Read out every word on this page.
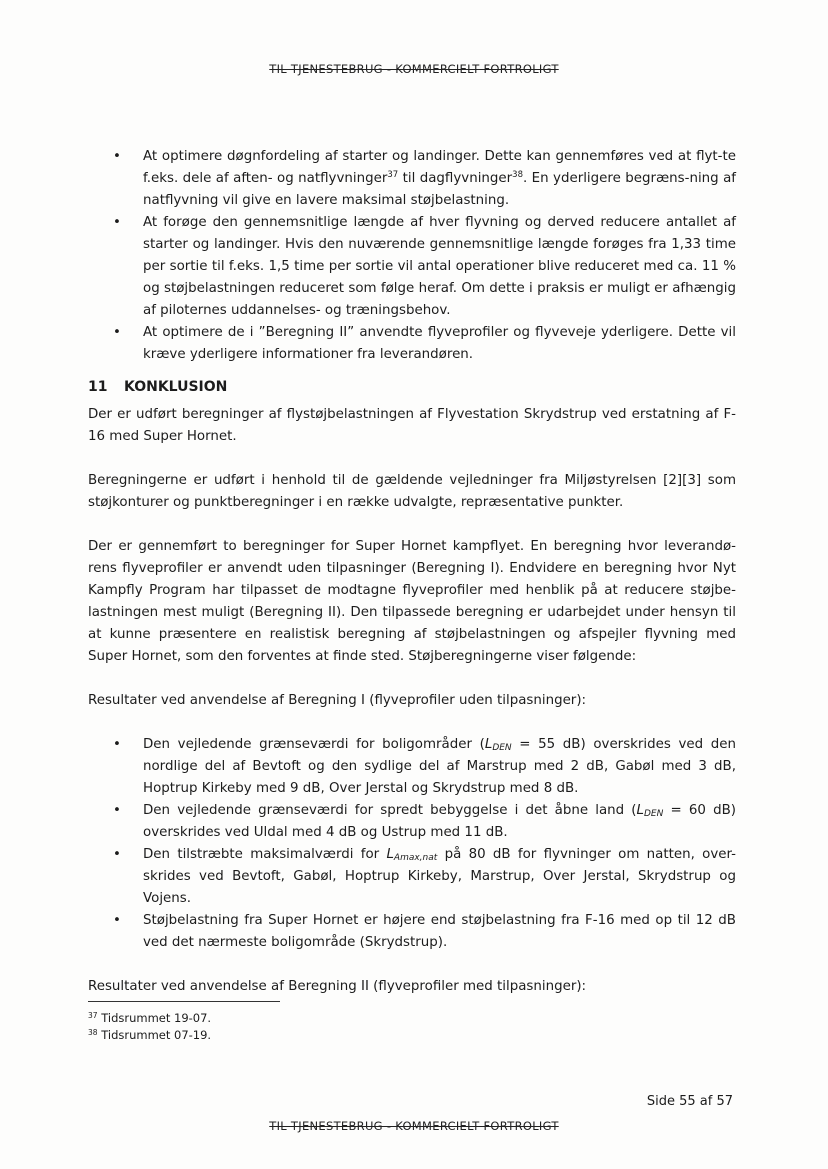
TIL TJENESTEBRUG - KOMMERCIELT FORTROLIGT
• At optimere døgnfordeling af starter og landinger. Dette kan gennemføres ved at flyt-te f.eks. dele af aften- og natflyvninger$^{37}$ til dagflyvninger$^{38}$. En yderligere begræns-ning af natflyvning vil give en lavere maksimal støjbelastning.
• At forøge den gennemsnitlige længde af hver flyvning og derved reducere antallet af starter og landinger. Hvis den nuværende gennemsnitlige længde forøges fra 1,33 time per sortie til f.eks. 1,5 time per sortie vil antal operationer blive reduceret med ca. 11 % og støjbelastningen reduceret som følge heraf. Om dette i praksis er muligt er afhængig af piloternes uddannelses- og træningsbehov.
• At optimere de i ”Beregning II” anvendte flyveprofiler og flyveveje yderligere. Dette vil kræve yderligere informationer fra leverandøren.
11 KONKLUSION

Der er udført beregninger af flystøjbelastningen af Flyvestation Skrydstrup ved erstatning af F-16 med Super Hornet.

Beregningerne er udført i henhold til de gældende vejledninger fra Miljøstyrelsen [2][3] som støjkonturer og punktberegninger i en række udvalgte, repræsentative punkter.

Der er gennemført to beregninger for Super Hornet kampflyet. En beregning hvor leverandø-rens flyveprofiler er anvendt uden tilpasninger (Beregning I). Endvidere en beregning hvor Nyt Kampfly Program har tilpasset de modtagne flyveprofiler med henblik på at reducere støjbe-lastningen mest muligt (Beregning II). Den tilpassede beregning er udarbejdet under hensyn til at kunne præsentere en realistisk beregning af støjbelastningen og afspejler flyvning med Super Hornet, som den forventes at finde sted. Støjberegningerne viser følgende:

Resultater ved anvendelse af Beregning I (flyveprofiler uden tilpasninger):

• Den vejledende grænseværdi for boligområder ($L_{DEN} = 55$ dB) overskrides ved den nordlige del af Bevtoft og den sydlige del af Marstrup med 2 dB, Gabøl med 3 dB, Hoptrup Kirkeby med 9 dB, Over Jerstal og Skrydstrup med 8 dB.
• Den vejledende grænseværdi for spredt bebyggelse i det åbne land ($L_{DEN} = 60$ dB) overskrides ved Uldal med 4 dB og Ustrup med 11 dB.
• Den tilstræbte maksimalværdi for $L_{Amax,nat}$ på 80 dB for flyvninger om natten, over-skrides ved Bevtoft, Gabøl, Hoptrup Kirkeby, Marstrup, Over Jerstal, Skrydstrup og Vojens.
• Støjbelastning fra Super Hornet er højere end støjbelastning fra F-16 med op til 12 dB ved det nærmeste boligområde (Skrydstrup).

Resultater ved anvendelse af Beregning II (flyveprofiler med tilpasninger):

$^{37}$ Tidsrummet 19-07.
$^{38}$ Tidsrummet 07-19.
Side 55 af 57
TIL TJENESTEBRUG - KOMMERCIELT FORTROLIGT
